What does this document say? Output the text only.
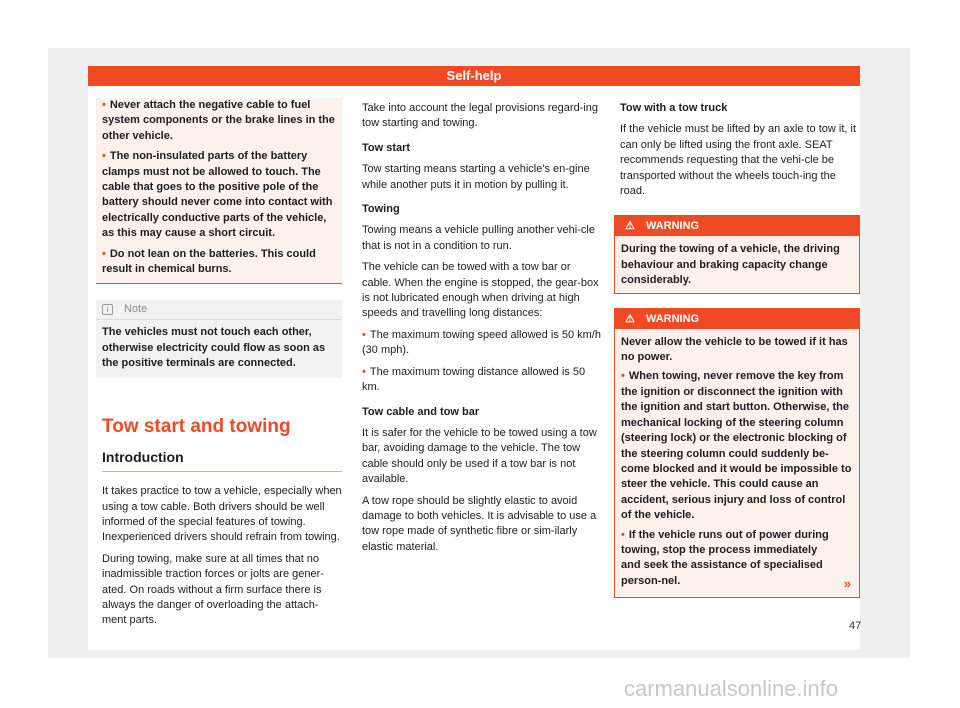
Self-help

• Never attach the negative cable to fuel system components or the brake lines in the other vehicle.

• The non-insulated parts of the battery clamps must not be allowed to touch. The cable that goes to the positive pole of the battery should never come into contact with electrically conductive parts of the vehicle, as this may cause a short circuit.

• Do not lean on the batteries. This could result in chemical burns.

i	Note
The vehicles must not touch each other, otherwise electricity could flow as soon as the positive terminals are connected.
Tow start and towing
Introduction

It takes practice to tow a vehicle, especially when using a tow cable. Both drivers should be well informed of the special features of towing. Inexperienced drivers should refrain from towing.

During towing, make sure at all times that no inadmissible traction forces or jolts are gener-ated. On roads without a firm surface there is always the danger of overloading the attach-ment parts.

Take into account the legal provisions regard-ing tow starting and towing.

Tow start

Tow starting means starting a vehicle's en-gine while another puts it in motion by pulling it.

Towing

Towing means a vehicle pulling another vehi-cle that is not in a condition to run.

The vehicle can be towed with a tow bar or cable. When the engine is stopped, the gear-box is not lubricated enough when driving at high speeds and travelling long distances:

• The maximum towing speed allowed is 50 km/h (30 mph).

• The maximum towing distance allowed is 50 km.

Tow cable and tow bar

It is safer for the vehicle to be towed using a tow bar, avoiding damage to the vehicle. The tow cable should only be used if a tow bar is not available.

A tow rope should be slightly elastic to avoid damage to both vehicles. It is advisable to use a tow rope made of synthetic fibre or sim-ilarly elastic material.

Tow with a tow truck

If the vehicle must be lifted by an axle to tow it, it can only be lifted using the front axle. SEAT recommends requesting that the vehi-cle be transported without the wheels touch-ing the road.

⚠ WARNING
During the towing of a vehicle, the driving behaviour and braking capacity change considerably.
⚠ WARNING

Never allow the vehicle to be towed if it has no power.

• When towing, never remove the key from the ignition or disconnect the ignition with the ignition and start button. Otherwise, the mechanical locking of the steering column (steering lock) or the electronic blocking of the steering column could suddenly be-come blocked and it would be impossible to steer the vehicle. This could cause an accident, serious injury and loss of control of the vehicle.

• If the vehicle runs out of power during towing, stop the process immediately and seek the assistance of specialised person-nel.	»
47
carmanualsonline.info
